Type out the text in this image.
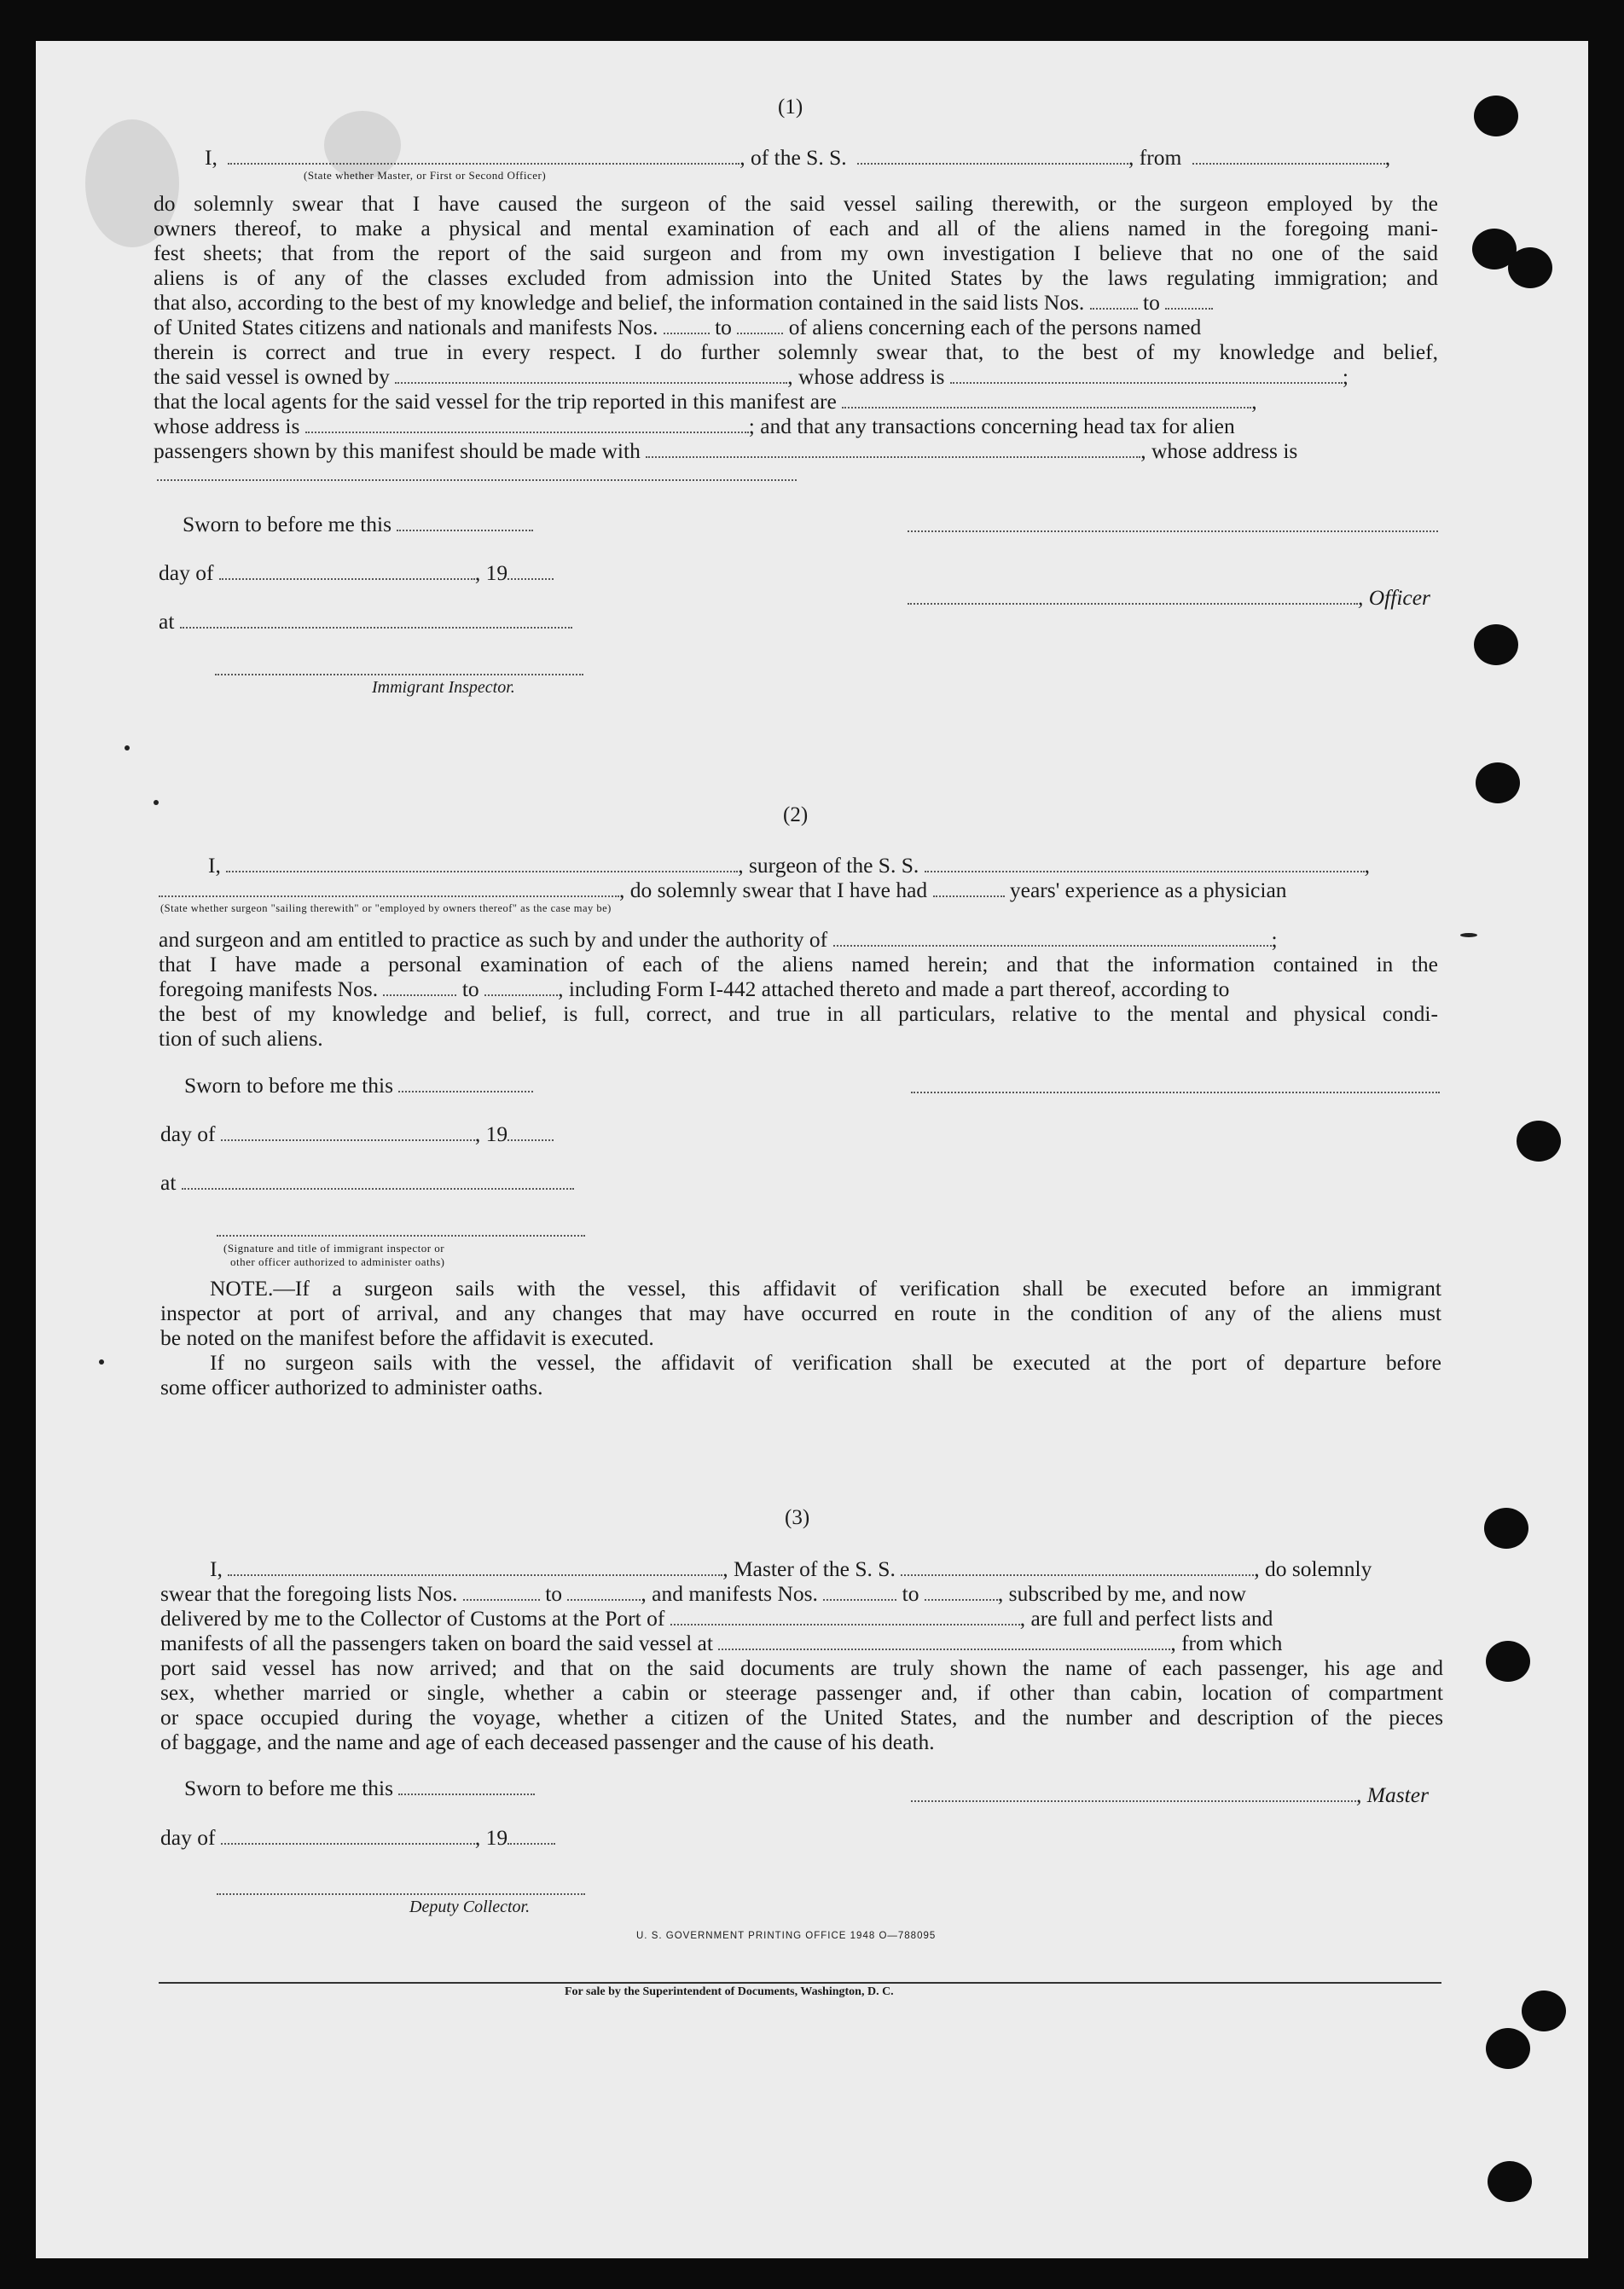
(1)
I,	, of the S. S.	, from	,
(State whether Master, or First or Second Officer)
do solemnly swear that I have caused the surgeon of the said vessel sailing therewith, or the surgeon employed by the
owners thereof, to make a physical and mental examination of each and all of the aliens named in the foregoing mani-
fest sheets; that from the report of the said surgeon and from my own investigation I believe that no one of the said
aliens is of any of the classes excluded from admission into the United States by the laws regulating immigration; and
that also, according to the best of my knowledge and belief, the information contained in the said lists Nos.	to
of United States citizens and nationals and manifests Nos.	to	of aliens concerning each of the persons named
therein is correct and true in every respect. I do further solemnly swear that, to the best of my knowledge and belief,
the said vessel is owned by	, whose address is	;
that the local agents for the said vessel for the trip reported in this manifest are	,
whose address is	; and that any transactions concerning head tax for alien
passengers shown by this manifest should be made with	, whose address is
Sworn to before me this
day of	, 19
, Officer
at
Immigrant Inspector.
(2)
I,	, surgeon of the S. S.	,
, do solemnly swear that I have had	years' experience as a physician
(State whether surgeon "sailing therewith" or "employed by owners thereof" as the case may be)
and surgeon and am entitled to practice as such by and under the authority of	;
that I have made a personal examination of each of the aliens named herein; and that the information contained in the
foregoing manifests Nos.	to	, including Form I-442 attached thereto and made a part thereof, according to
the best of my knowledge and belief, is full, correct, and true in all particulars, relative to the mental and physical condi-
tion of such aliens.
Sworn to before me this
day of	, 19
at
(Signature and title of immigrant inspector or
other officer authorized to administer oaths)
NOTE.—If a surgeon sails with the vessel, this affidavit of verification shall be executed before an immigrant
inspector at port of arrival, and any changes that may have occurred en route in the condition of any of the aliens must
be noted on the manifest before the affidavit is executed.
If no surgeon sails with the vessel, the affidavit of verification shall be executed at the port of departure before
some officer authorized to administer oaths.
(3)
I,	, Master of the S. S.	, do solemnly
swear that the foregoing lists Nos.	to	, and manifests Nos.	to	, subscribed by me, and now
delivered by me to the Collector of Customs at the Port of	, are full and perfect lists and
manifests of all the passengers taken on board the said vessel at	, from which
port said vessel has now arrived; and that on the said documents are truly shown the name of each passenger, his age and
sex, whether married or single, whether a cabin or steerage passenger and, if other than cabin, location of compartment
or space occupied during the voyage, whether a citizen of the United States, and the number and description of the pieces
of baggage, and the name and age of each deceased passenger and the cause of his death.
Sworn to before me this	, Master
day of	, 19
Deputy Collector.
U. S. GOVERNMENT PRINTING OFFICE 1948 O—788095
For sale by the Superintendent of Documents, Washington, D. C.
